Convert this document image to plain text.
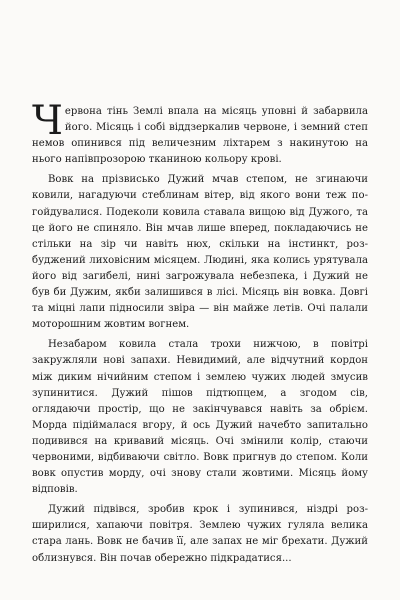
Червона тінь Землі впала на місяць уповні й забарвила його. Місяць і собі віддзеркалив червоне, і земний степ немов опинився під величезним ліхтарем з накинутою на нього напівпрозорою тканиною кольору крові.

Вовк на прізвисько Дужий мчав степом, не згинаючи ковили, нагадуючи стеблинам вітер, від якого вони теж погойдувалися. Подеколи ковила ставала вищою від Дужого, та це його не спиняло. Він мчав лише вперед, покладаючись не стільки на зір чи навіть нюх, скільки на інстинкт, розбуджений лиховісним місяцем. Людині, яка колись урятувала його від загибелі, нині загрожувала небезпека, і Дужий не був би Дужим, якби залишився в лісі. Місяць він вовка. Довгі та міцні лапи підносили звіра — він майже летів. Очі палали моторошним жовтим вогнем.

Незабаром ковила стала трохи нижчою, в повітрі закружляли нові запахи. Невидимий, але відчутний кордон між диким нічийним степом і землею чужих людей змусив зупинитися. Дужий пішов підтюпцем, а згодом сів, оглядаючи простір, що не закінчувався навіть за обрієм. Морда підіймалася вгору, й ось Дужий начебто запитально подивився на кривавий місяць. Очі змінили колір, стаючи червоними, відбиваючи світло. Вовк пригнув до степом. Коли вовк опустив морду, очі знову стали жовтими. Місяць йому відповів.

Дужий підвівся, зробив крок і зупинився, ніздрі розширилися, хапаючи повітря. Землею чужих гуляла велика стара лань. Вовк не бачив її, але запах не міг брехати. Дужий облизнувся. Він почав обережно підкрадатися...
